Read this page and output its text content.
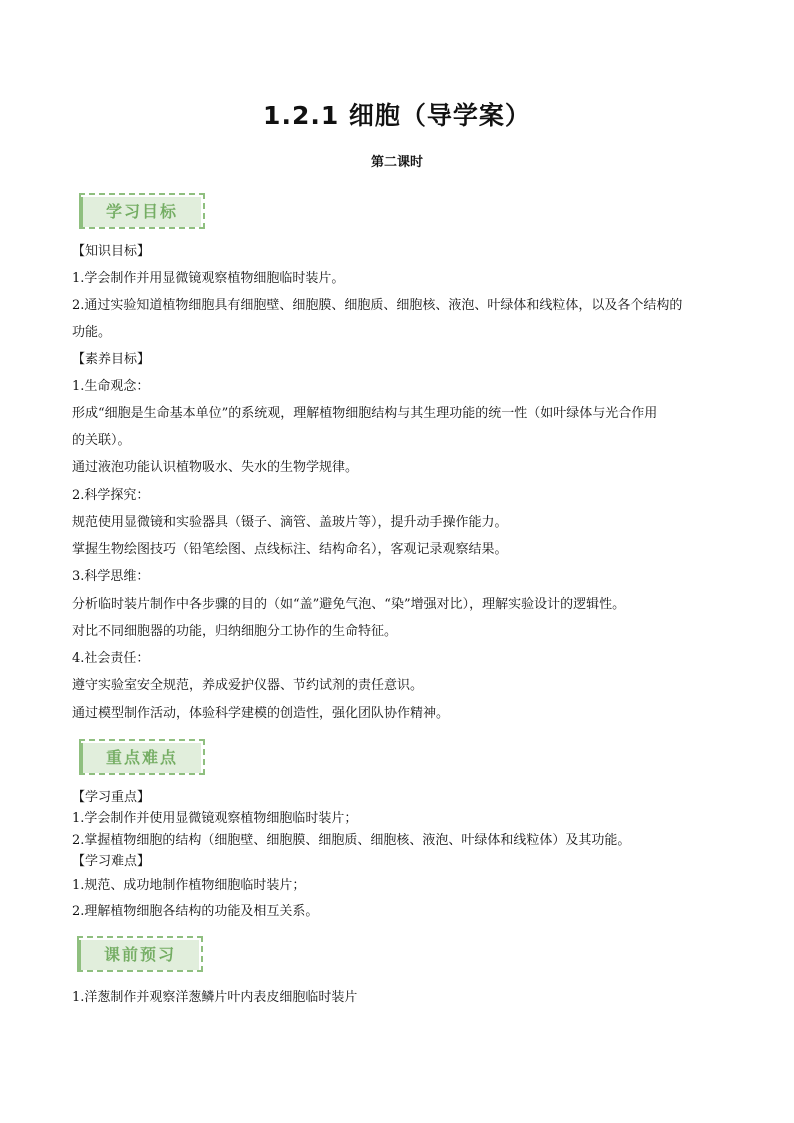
1.2.1 细胞（导学案）
第二课时
学习目标
【知识目标】
1.学会制作并用显微镜观察植物细胞临时装片。
2.通过实验知道植物细胞具有细胞壁、细胞膜、细胞质、细胞核、液泡、叶绿体和线粒体，以及各个结构的
功能。
【素养目标】
1.生命观念：
形成“细胞是生命基本单位”的系统观，理解植物细胞结构与其生理功能的统一性（如叶绿体与光合作用
的关联）。
通过液泡功能认识植物吸水、失水的生物学规律。
2.科学探究：
规范使用显微镜和实验器具（镊子、滴管、盖玻片等），提升动手操作能力。
掌握生物绘图技巧（铅笔绘图、点线标注、结构命名），客观记录观察结果。
3.科学思维：
分析临时装片制作中各步骤的目的（如“盖”避免气泡、“染”增强对比），理解实验设计的逻辑性。
对比不同细胞器的功能，归纳细胞分工协作的生命特征。
4.社会责任：
遵守实验室安全规范，养成爱护仪器、节约试剂的责任意识。
通过模型制作活动，体验科学建模的创造性，强化团队协作精神。
重点难点
【学习重点】
1.学会制作并使用显微镜观察植物细胞临时装片；
2.掌握植物细胞的结构（细胞壁、细胞膜、细胞质、细胞核、液泡、叶绿体和线粒体）及其功能。
【学习难点】
1.规范、成功地制作植物细胞临时装片；
2.理解植物细胞各结构的功能及相互关系。
课前预习
1.洋葱制作并观察洋葱鳞片叶内表皮细胞临时装片
